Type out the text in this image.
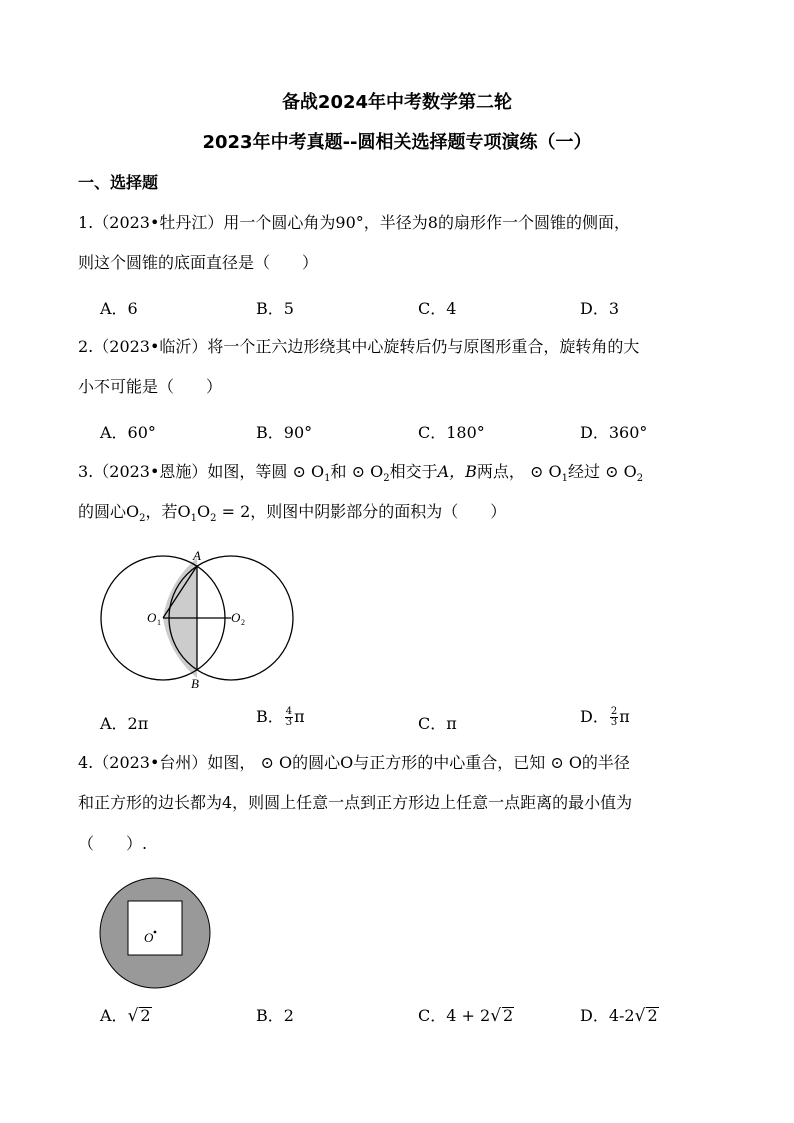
备战2024年中考数学第二轮
2023年中考真题--圆相关选择题专项演练（一）
一、选择题
1.（2023•牡丹江）用一个圆心角为90°，半径为8的扇形作一个圆锥的侧面，
则这个圆锥的底面直径是（　　）
A．6	B．5	C．4	D．3
2.（2023•临沂）将一个正六边形绕其中心旋转后仍与原图形重合，旋转角的大
小不可能是（　　）
A．60°	B．90°	C．180°	D．360°
3.（2023•恩施）如图，等圆 ⊙ $O_1$和 ⊙ $O_2$相交于A，B两点， ⊙ $O_1$经过 ⊙ $O_2$
的圆心$O_2$，若$O_1O_2 = 2$，则图中阴影部分的面积为（　　）
A
B
O 1	O 2
A．2π	B． $\frac{4}{3}$ π	C．π	D． $\frac{2}{3}$ π
4.（2023•台州）如图， ⊙ O的圆心O与正方形的中心重合，已知 ⊙ O的半径
和正方形的边长都为4，则圆上任意一点到正方形边上任意一点距离的最小值为
（　　）.
O
A．√ 2	B．2	C．4 + 2√ 2	D．4-2√ 2
